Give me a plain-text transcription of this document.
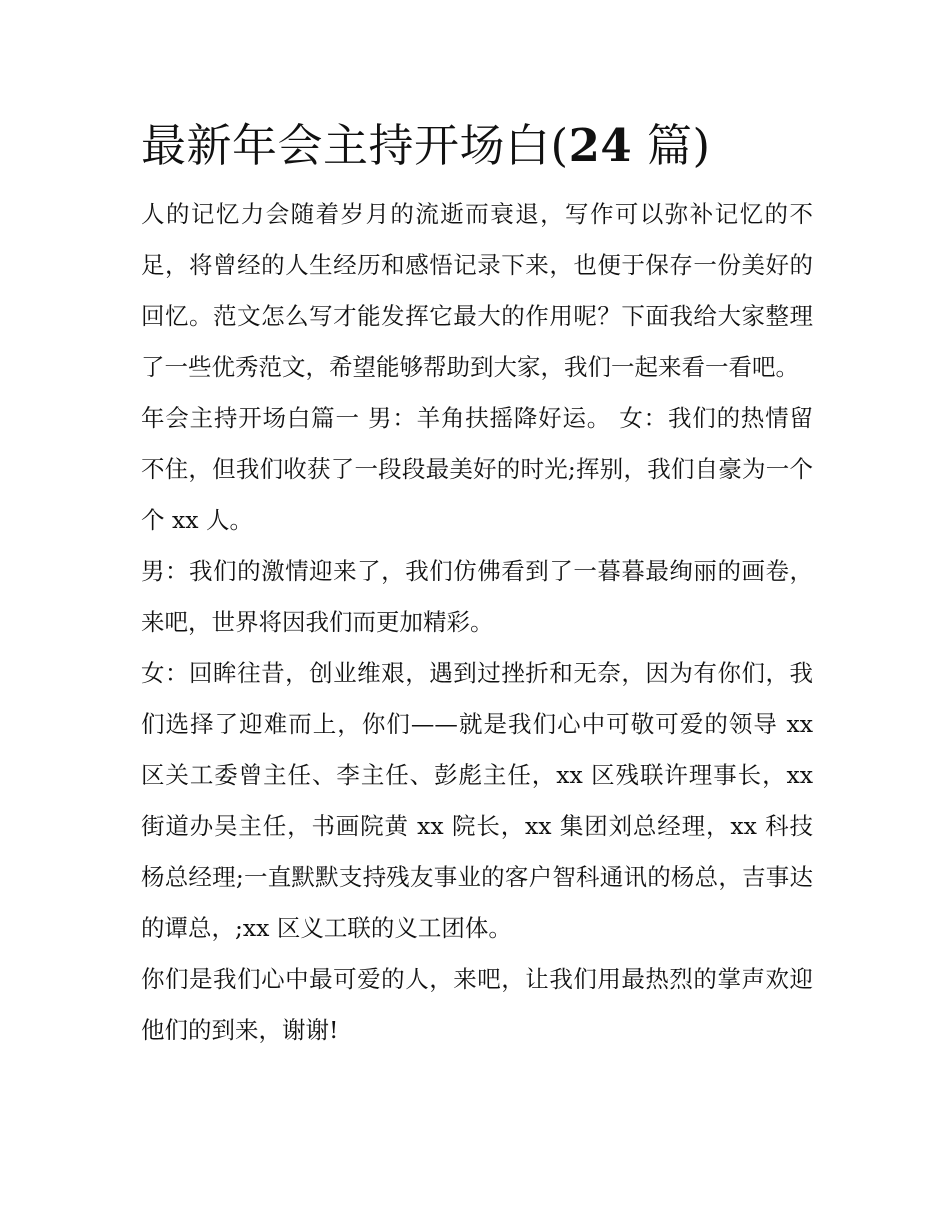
最新年会主持开场白(24 篇)

人的记忆力会随着岁月的流逝而衰退，写作可以弥补记忆的不足，将曾经的人生经历和感悟记录下来，也便于保存一份美好的回忆。范文怎么写才能发挥它最大的作用呢？下面我给大家整理了一些优秀范文，希望能够帮助到大家，我们一起来看一看吧。

年会主持开场白篇一 男：羊角扶摇降好运。 女：我们的热情留不住，但我们收获了一段段最美好的时光;挥别，我们自豪为一个个 xx 人。

男：我们的激情迎来了，我们仿佛看到了一暮暮最绚丽的画卷，来吧，世界将因我们而更加精彩。

女：回眸往昔，创业维艰，遇到过挫折和无奈，因为有你们，我们选择了迎难而上，你们——就是我们心中可敬可爱的领导 xx 区关工委曾主任、李主任、彭彪主任，xx 区残联许理事长，xx 街道办吴主任，书画院黄 xx 院长，xx 集团刘总经理，xx 科技杨总经理;一直默默支持残友事业的客户智科通讯的杨总，吉事达的谭总，;xx 区义工联的义工团体。

你们是我们心中最可爱的人，来吧，让我们用最热烈的掌声欢迎他们的到来，谢谢!
